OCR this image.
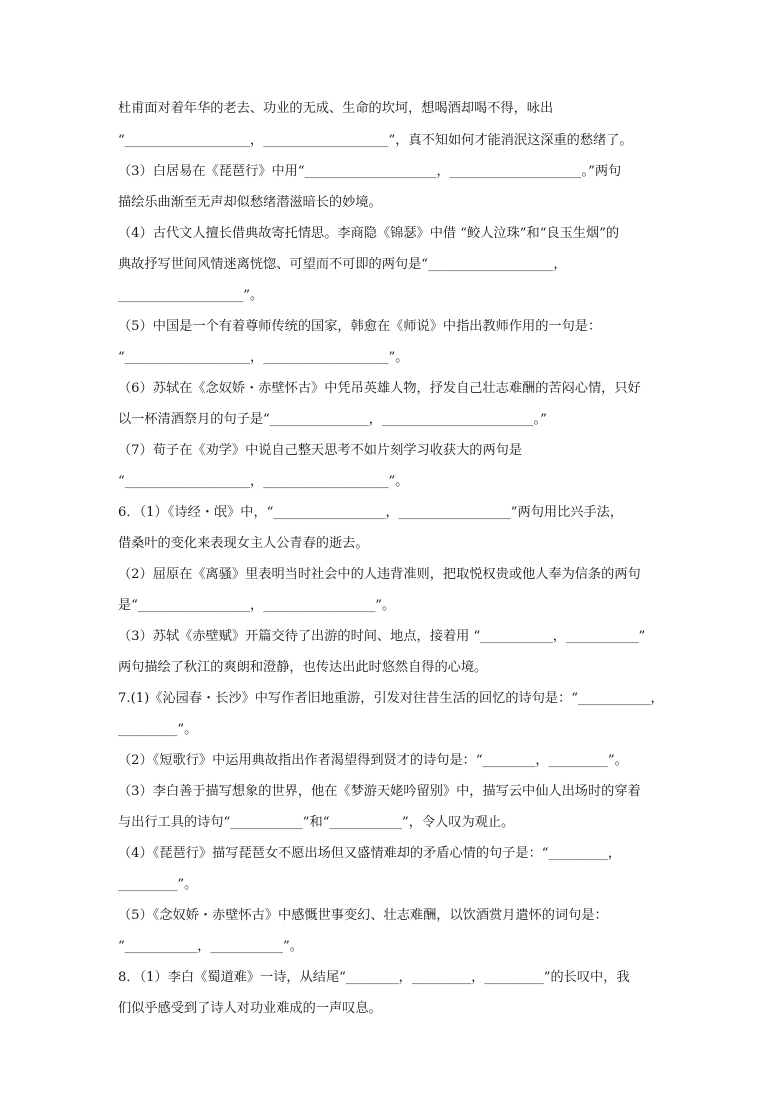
杜甫面对着年华的老去、功业的无成、生命的坎坷，想喝酒却喝不得，咏出
“___________________，___________________”，真不知如何才能消泯这深重的愁绪了。
（3）白居易在《琵琶行》中用“____________________，____________________。”两句
描绘乐曲渐至无声却似愁绪潜滋暗长的妙境。
（4）古代文人擅长借典故寄托情思。李商隐《锦瑟》中借 “鲛人泣珠”和“良玉生烟”的
典故抒写世间风情迷离恍惚、可望而不可即的两句是“___________________，
___________________”。
（5）中国是一个有着尊师传统的国家，韩愈在《师说》中指出教师作用的一句是：
“___________________，___________________”。
（6）苏轼在《念奴娇・赤壁怀古》中凭吊英雄人物，抒发自己壮志难酬的苦闷心情，只好
以一杯清酒祭月的句子是“_______________，_______________________。”
（7）荀子在《劝学》中说自己整天思考不如片刻学习收获大的两句是
“___________________，___________________”。
6．（1）《诗经・氓》中，“_________________，_________________”两句用比兴手法，
借桑叶的变化来表现女主人公青春的逝去。
（2）屈原在《离骚》里表明当时社会中的人违背准则，把取悦权贵或他人奉为信条的两句
是“_________________，_________________”。
（3）苏轼《赤壁赋》开篇交待了出游的时间、地点，接着用 “___________，___________”
两句描绘了秋江的爽朗和澄静，也传达出此时悠然自得的心境。
7.(1)《沁园春・长沙》中写作者旧地重游，引发对往昔生活的回忆的诗句是：“___________，
_________”。
（2）《短歌行》中运用典故指出作者渴望得到贤才的诗句是：“________，_________”。
（3）李白善于描写想象的世界，他在《梦游天姥吟留别》中，描写云中仙人出场时的穿着
与出行工具的诗句“___________”和“___________”，令人叹为观止。
（4）《琵琶行》描写琵琶女不愿出场但又盛情难却的矛盾心情的句子是：“_________，
_________”。
（5）《念奴娇・赤壁怀古》中感慨世事变幻、壮志难酬，以饮酒赏月遣怀的词句是：
“___________，___________”。
8．（1）李白《蜀道难》一诗，从结尾“________，_________，_________”的长叹中，我
们似乎感受到了诗人对功业难成的一声叹息。
